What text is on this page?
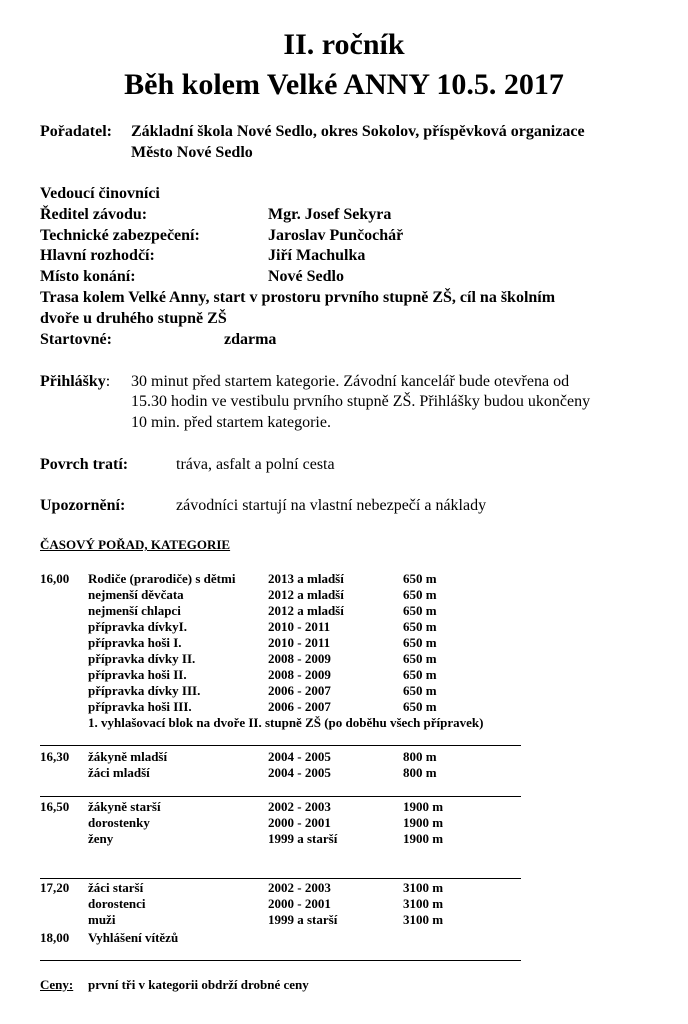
II. ročník
Běh kolem Velké ANNY 10.5. 2017
Pořadatel: Základní škola Nové Sedlo, okres Sokolov, příspěvková organizace
Město Nové Sedlo
Vedoucí činovníci
Ředitel závodu:	Mgr. Josef Sekyra
Technické zabezpečení:	Jaroslav Punčochář
Hlavní rozhodčí:	Jiří Machulka
Místo konání:	Nové Sedlo
Trasa kolem Velké Anny, start v prostoru prvního stupně ZŠ, cíl na školním
dvoře u druhého stupně ZŠ
Startovné:	zdarma
Přihlášky: 30 minut před startem kategorie. Závodní kancelář bude otevřena od
15.30 hodin ve vestibulu prvního stupně ZŠ. Přihlášky budou ukončeny
10 min. před startem kategorie.
Povrch tratí:	tráva, asfalt a polní cesta
Upozornění:	závodníci startují na vlastní nebezpečí a náklady
ČASOVÝ POŘAD, KATEGORIE
16,00 Rodiče (prarodiče) s dětmi	2013 a mladší	650 m
nejmenší děvčata	2012 a mladší	650 m
nejmenší chlapci	2012 a mladší	650 m
přípravka dívkyI.	2010 - 2011	650 m
přípravka hoši I.	2010 - 2011	650 m
přípravka dívky II.	2008 - 2009	650 m
přípravka hoši II.	2008 - 2009	650 m
přípravka dívky III.	2006 - 2007	650 m
přípravka hoši III.	2006 - 2007	650 m
1. vyhlašovací blok na dvoře II. stupně ZŠ (po doběhu všech přípravek)
16,30 žákyně mladší	2004 - 2005	800 m
žáci mladší	2004 - 2005	800 m
16,50 žákyně starší	2002 - 2003	1900 m
dorostenky	2000 - 2001	1900 m
ženy	1999 a starší	1900 m
17,20 žáci starší	2002 - 2003	3100 m
dorostenci	2000 - 2001	3100 m
muži	1999 a starší	3100 m
18,00 Vyhlášení vítězů
Ceny: první tři v kategorii obdrží drobné ceny
